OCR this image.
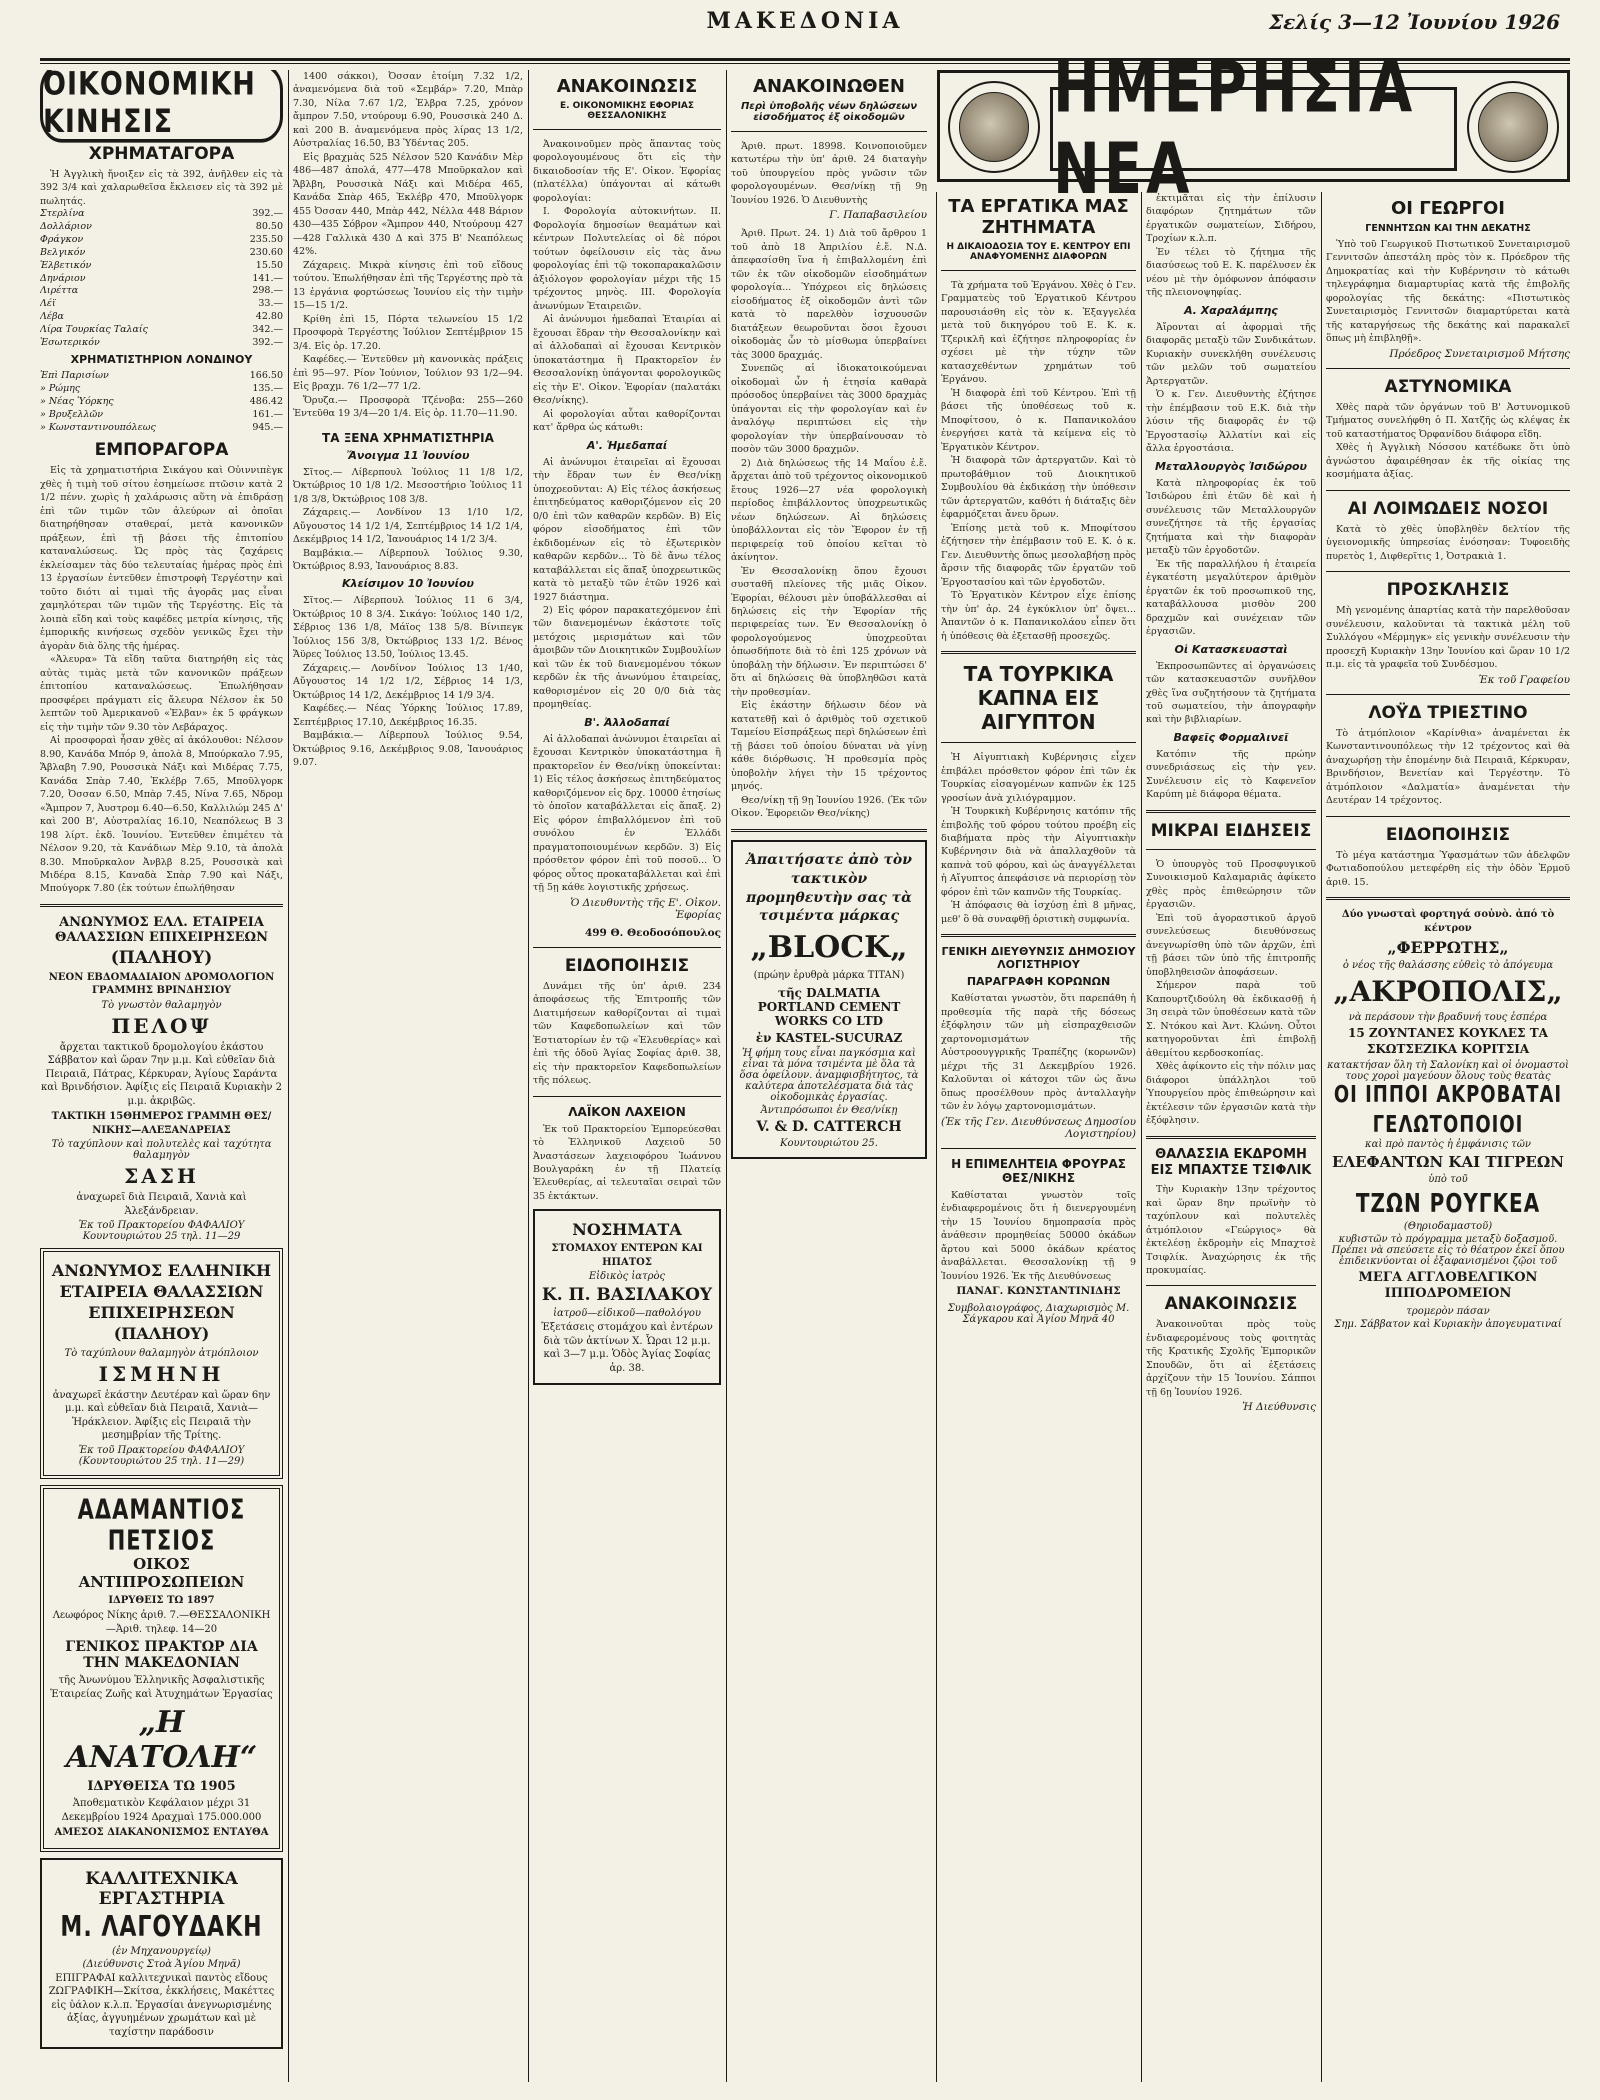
ΜΑΚΕΔΟΝΙΑ	Σελίς 3—12 Ἰουνίου 1926
ΟΙΚΟΝΟΜΙΚΗ ΚΙΝΗΣΙΣ
ΧΡΗΜΑΤΑΓΟΡΑ

Ἡ Ἀγγλικὴ ἤνοιξεν εἰς τὰ 392, ἀνῆλθεν εἰς τὰ 392 3/4 καὶ χαλαρωθεῖσα ἔκλεισεν εἰς τὰ 392 μὲ πωλητάς.

Στερλίνα	392.—
Δολλάριον	80.50
Φράγκον	235.50
Βελγικόν	230.60
Ἑλβετικόν	15.50
Δηνάριον	141.—
Λιρέττα	298.—
Λέϊ	33.—
Λέβα	42.80
Λίρα Τουρκίας Ταλαίς	342.—
Ἐσωτερικόν	392.—
ΧΡΗΜΑΤΙΣΤΗΡΙΟΝ ΛΟΝΔΙΝΟΥ
Ἐπὶ Παρισίων	166.50
» Ρώμης	135.—
» Νέας Ὑόρκης	486.42
» Βρυξελλῶν	161.—
» Κωνσταντινουπόλεως	945.—
ΕΜΠΟΡΑΓΟΡΑ

Εἰς τὰ χρηματιστήρια Σικάγου καὶ Οὐιννιπὲγκ χθὲς ἡ τιμὴ τοῦ σίτου ἐσημείωσε πτῶσιν κατὰ 2 1/2 πένν. χωρὶς ἡ χαλάρωσις αὕτη νὰ ἐπιδράσῃ ἐπὶ τῶν τιμῶν τῶν ἀλεύρων αἱ ὁποῖαι διατηρήθησαν σταθεραί, μετὰ κανονικῶν πράξεων, ἐπὶ τῇ βάσει τῆς ἐπιτοπίου καταναλώσεως. Ὡς πρὸς τὰς ζαχάρεις ἐκλείσαμεν τὰς δύο τελευταίας ἡμέρας πρὸς ἐπὶ 13 ἐργασίων ἐντεῦθεν ἐπιστροφὴ Τεργέστην καὶ τοῦτο διότι αἱ τιμαὶ τῆς ἀγορᾶς μας εἶναι χαμηλότεραι τῶν τιμῶν τῆς Τεργέστης. Εἰς τὰ λοιπὰ εἴδη καὶ τοὺς καφέδες μετρία κίνησις, τῆς ἐμπορικῆς κινήσεως σχεδὸν γενικῶς ἔχει τὴν ἀγορὰν διὰ ὅλης τῆς ἡμέρας.

«Ἀλευρα» Τὰ εἴδη ταῦτα διατηρήθη εἰς τὰς αὐτὰς τιμὰς μετὰ τῶν κανονικῶν πράξεων ἐπιτοπίου καταναλώσεως. Ἐπωλήθησαν προσφέρει πράγματι εἰς ἄλευρα Νέλσον ἐκ 50 λεπτῶν τοῦ Ἀμερικανοῦ «Ἐλβαν» ἐκ 5 φράγκων εἰς τὴν τιμὴν τῶν 9.30 τὸν Λεβάραχος.

Αἱ προσφοραὶ ἦσαν χθὲς αἱ ἀκόλουθοι: Νέλσον 8.90, Κανάδα Μπόρ 9, ἀπολὰ 8, Μπούρκαλο 7.95, Ἄβλαβη 7.90, Ρουσσικὰ Νάξι καὶ Μιδέρας 7.75, Κανάδα Σπὰρ 7.40, Ἐκλέβρ 7.65, Μποῦλγορκ 7.20, Ὀσσαν 6.50, Μπὰρ 7.45, Νίνα 7.65, Νδρομ «Ἄμπρον 7, Ἀυστρομ 6.40—6.50, Καλλιλώμ 245 Δ' καὶ 200 Β', Αὐστραλίας 16.10, Νεαπόλεως Β 3 198 λίρτ. ἐκδ. Ἰουνίου. Ἐντεῦθεν ἐπιμέτευ τὰ Νέλσον 9.20, τὰ Κανάδιων Μὲρ 9.10, τὰ ἀπολὰ 8.30. Μποῦρκαλον Ἀνβλβ 8.25, Ρουσσικὰ καὶ Μιδέρα 8.15, Καναδὰ Σπὰρ 7.90 καὶ Νάξι, Μπούγορκ 7.80 (ἐκ τούτων ἐπωλήθησαν

ΑΝΩΝΥΜΟΣ ΕΛΛ. ΕΤΑΙΡΕΙΑ ΘΑΛΑΣΣΙΩΝ ΕΠΙΧΕΙΡΗΣΕΩΝ
(ΠΑΛΗΟΥ)
ΝΕΟΝ ΕΒΔΟΜΑΔΙΑΙΟΝ ΔΡΟΜΟΛΟΓΙΟΝ ΓΡΑΜΜΗΣ ΒΡΙΝΔΗΣΙΟΥ
Τὸ γνωστὸν θαλαμηγὸν
ΠΕΛΟΨ
ἄρχεται τακτικοῦ δρομολογίου ἑκάστου Σάββατον καὶ ὥραν 7ην μ.μ. Καὶ εὐθεῖαν διὰ Πειραιᾶ, Πάτρας, Κέρκυραν, Ἀγίους Σαράντα καὶ Βρινδήσιον. Ἀφίξις εἰς Πειραιᾶ Κυριακὴν 2 μ.μ. ἀκριβῶς.
ΤΑΚΤΙΚΗ 15ΘΗΜΕΡΟΣ ΓΡΑΜΜΗ ΘΕΣ/ΝΙΚΗΣ—ΑΛΕΞΑΝΔΡΕΙΑΣ
Τὸ ταχύπλουν καὶ πολυτελὲς καὶ ταχύτητα θαλαμηγὸν
ΣΑΣΗ
ἀναχωρεῖ διὰ Πειραιᾶ, Χανιὰ καὶ Ἀλεξάνδρειαν.
Ἐκ τοῦ Πρακτορείου ΦΑΦΑΛΙΟΥ Κουντουριώτου 25 τηλ. 11—29
ΑΝΩΝΥΜΟΣ ΕΛΛΗΝΙΚΗ ΕΤΑΙΡΕΙΑ ΘΑΛΑΣΣΙΩΝ ΕΠΙΧΕΙΡΗΣΕΩΝ (ΠΑΛΗΟΥ)
Τὸ ταχύπλουν θαλαμηγὸν ἀτμόπλοιον
ΙΣΜΗΝΗ
ἀναχωρεῖ ἑκάστην Δευτέραν καὶ ὥραν 6ην μ.μ. καὶ εὐθεῖαν διὰ Πειραιᾶ, Χανιὰ—Ἡράκλειον. Ἀφίξις εἰς Πειραιᾶ τὴν μεσημβρίαν τῆς Τρίτης.
Ἐκ τοῦ Πρακτορείου ΦΑΦΑΛΙΟΥ (Κουντουριώτου 25 τηλ. 11—29)
ΑΔΑΜΑΝΤΙΟΣ ΠΕΤΣΙΟΣ
ΟΙΚΟΣ ΑΝΤΙΠΡΟΣΩΠΕΙΩΝ
ΙΔΡΥΘΕΙΣ ΤΩ 1897
Λεωφόρος Νίκης ἀριθ. 7.—ΘΕΣΣΑΛΟΝΙΚΗ—Ἀριθ. τηλεφ. 14—20
ΓΕΝΙΚΟΣ ΠΡΑΚΤΩΡ ΔΙΑ ΤΗΝ ΜΑΚΕΔΟΝΙΑΝ
τῆς Ἀνωνύμου Ἑλληνικῆς Ἀσφαλιστικῆς Ἑταιρείας Ζωῆς καὶ Ἀτυχημάτων Ἐργασίας
„Η ΑΝΑΤΟΛΗ“
ΙΔΡΥΘΕΙΣΑ ΤΩ 1905
Ἀποθεματικὸν Κεφάλαιον μέχρι 31 Δεκεμβρίου 1924 Δραχμαὶ 175.000.000
ΑΜΕΣΟΣ ΔΙΑΚΑΝΟΝΙΣΜΟΣ ΕΝΤΑΥΘΑ
ΚΑΛΛΙΤΕΧΝΙΚΑ ΕΡΓΑΣΤΗΡΙΑ
Μ. ΛΑΓΟΥΔΑΚΗ
(ἐν Μηχανουργείῳ)
(Διεύθυνσις Στοὰ Ἁγίου Μηνᾶ)
ΕΠΙΓΡΑΦΑΙ καλλιτεχνικαὶ παντὸς εἴδους ΖΩΓΡΑΦΙΚΗ—Σκίτσα, ἐκκλήσεις, Μακέττες εἰς ὑάλον κ.λ.π. Ἐργασίαι ἀνεγνωρισμένης ἀξίας, ἀγγυημένων χρωμάτων καὶ μὲ ταχίστην παράδοσιν

1400 σάκκοι), Ὀσσαν ἑτοίμη 7.32 1/2, ἀναμενόμενα διὰ τοῦ «Σεμβάρ» 7.20, Μπὰρ 7.30, Νίλα 7.67 1/2, Ἐλβρα 7.25, χρόνον ἄμπρον 7.50, ντούρουμ 6.90, Ρουσσικὰ 240 Δ. καὶ 200 Β. ἀναμενόμενα πρὸς λίρας 13 1/2, Αὐστραλίας 16.50, Β3 Ὑδέντας 205.

Εἰς βραχμὰς 525 Νέλσον 520 Κανάδιν Μὲρ 486—487 ἀπολά, 477—478 Μποῦρκαλον καὶ Ἄβλβη, Ρουσσικὰ Νάξι καὶ Μιδέρα 465, Κανάδα Σπὰρ 465, Ἐκλέβρ 470, Μποῦλγορκ 455 Ὀσσαν 440, Μπὰρ 442, Νέλλα 448 Βάριον 430—435 Σόβρον «Ἄμπρον 440, Ντούρουμ 427—428 Γαλλικὰ 430 Δ καὶ 375 Β' Νεαπόλεως 42%.

Ζάχαρεις. Μικρὰ κίνησις ἐπὶ τοῦ εἴδους τούτου. Ἐπωλήθησαν ἐπὶ τῆς Τεργέστης πρὸ τὰ 13 ἐργάνια φορτώσεως Ἰουνίου εἰς τὴν τιμὴν 15—15 1/2.

Κρίθη ἐπὶ 15, Πόρτα τελωνείου 15 1/2 Προσφορὰ Τεργέστης Ἰούλιον Σεπτέμβριον 15 3/4. Εἰς ὀρ. 17.20.

Καφέδες.— Ἐντεῦθεν μὴ κανονικὰς πράξεις ἐπὶ 95—97. Ρίον Ἰούνιον, Ἰούλιον 93 1/2—94. Εἰς βραχμ. 76 1/2—77 1/2.

Ὄρυζα.— Προσφορὰ Τζένοβα: 255—260 Ἐντεῦθα 19 3/4—20 1/4. Εἰς ὀρ. 11.70—11.90.

ΤΑ ΞΕΝΑ ΧΡΗΜΑΤΙΣΤΗΡΙΑ
Ἄνοιγμα 11 Ἰουνίου

Σῖτος.— Λίβερπουλ Ἰούλιος 11 1/8 1/2, Ὀκτώβριος 10 1/8 1/2. Μεσοστήριο Ἰούλιος 11 1/8 3/8, Ὀκτώβριος 108 3/8.

Ζάχαρεις.— Λονδίνον 13 1/10 1/2, Αὔγουστος 14 1/2 1/4, Σεπτέμβριος 14 1/2 1/4, Δεκέμβριος 14 1/2, Ἰανουάριος 14 1/2 3/4.

Βαμβάκια.— Λίβερπουλ Ἰούλιος 9.30, Ὀκτώβριος 8.93, Ἰανουάριος 8.83.

Κλείσιμον 10 Ἰουνίου

Σῖτος.— Λίβερπουλ Ἰούλιος 11 6 3/4, Ὀκτώβριος 10 8 3/4. Σικάγο: Ἰούλιος 140 1/2, Σέβριος 136 1/8, Μάϊος 138 5/8. Βίνιπεγκ Ἰούλιος 156 3/8, Ὀκτώβριος 133 1/2. Βένος Ἄϋρες Ἰούλιος 13.50, Ἰούλιος 13.45.

Ζάχαρεις.— Λονδίνον Ἰούλιος 13 1/40, Αὔγουστος 14 1/2 1/2, Σέβριος 14 1/3, Ὀκτώβριος 14 1/2, Δεκέμβριος 14 1/9 3/4.

Καφέδες.— Νέας Ὑόρκης Ἰούλιος 17.89, Σεπτέμβριος 17.10, Δεκέμβριος 16.35.

Βαμβάκια.— Λίβερπουλ Ἰούλιος 9.54, Ὀκτώβριος 9.16, Δεκέμβριος 9.08, Ἰανουάριος 9.07.

ΑΝΑΚΟΙΝΩΣΙΣ
Ε. ΟΙΚΟΝΟΜΙΚΗΣ ΕΦΟΡΙΑΣ ΘΕΣΣΑΛΟΝΙΚΗΣ

Ἀνακοινοῦμεν πρὸς ἅπαντας τοὺς φορολογουμένους ὅτι εἰς τὴν δικαιοδοσίαν τῆς Ε'. Οἰκον. Ἐφορίας (πλατέλλα) ὑπάγονται αἱ κάτωθι φορολογίαι:

Ι. Φορολογία αὐτοκινήτων. ΙΙ. Φορολογία δημοσίων θεαμάτων καὶ κέντρων Πολυτελείας οἱ δὲ πόροι τούτων ὀφείλουσιν εἰς τὰς ἄνω φορολογίας ἐπὶ τῷ τοκοπαρακαλῶσιν ἀξιόλογον φορολογίαν μέχρι τῆς 15 τρέχοντος μηνὸς. ΙΙΙ. Φορολογία ἀνωνύμων Ἑταιρειῶν.

Αἱ ἀνώνυμοι ἡμεδαπαὶ Ἑταιρίαι αἱ ἔχουσαι ἕδραν τὴν Θεσσαλονίκην καὶ αἱ ἀλλοδαπαὶ αἱ ἔχουσαι Κεντρικὸν ὑποκατάστημα ἢ Πρακτορεῖον ἐν Θεσσαλονίκῃ ὑπάγονται φορολογικῶς εἰς τὴν Ε'. Οἰκον. Ἐφορίαν (παλατάκι Θεσ/νίκης).

Αἱ φορολογίαι αὗται καθορίζονται κατ' ἄρθρα ὡς κάτωθι:

Α'. Ἡμεδαπαί

Αἱ ἀνώνυμοι ἑταιρεῖαι αἱ ἔχουσαι τὴν ἕδραν των ἐν Θεσ/νίκῃ ὑποχρεοῦνται: Α) Εἰς τέλος ἀσκήσεως ἐπιτηδεύματος καθοριζόμενον εἰς 20 0/0 ἐπὶ τῶν καθαρῶν κερδῶν. Β) Εἰς φόρον εἰσοδήματος ἐπὶ τῶν ἐκδιδομένων εἰς τὸ ἐξωτερικὸν καθαρῶν κερδῶν... Τὸ δὲ ἄνω τέλος καταβάλλεται εἰς ἅπαξ ὑποχρεωτικῶς κατὰ τὸ μεταξὺ τῶν ἑτῶν 1926 καὶ 1927 διάστημα.

2) Εἰς φόρον παρακατεχόμενον ἐπὶ τῶν διανεμομένων ἑκάστοτε τοῖς μετόχοις μερισμάτων καὶ τῶν ἀμοιβῶν τῶν Διοικητικῶν Συμβουλίων καὶ τῶν ἐκ τοῦ διανεμομένου τόκων κερδῶν ἐκ τῆς ἀνωνύμου ἑταιρείας, καθορισμένον εἰς 20 0/0 διὰ τὰς προμηθείας.

Β'. Ἀλλοδαπαί

Αἱ ἀλλοδαπαὶ ἀνώνυμοι ἑταιρεῖαι αἱ ἔχουσαι Κεντρικὸν ὑποκατάστημα ἢ πρακτορεῖον ἐν Θεσ/νίκῃ ὑποκείνται: 1) Εἰς τέλος ἀσκήσεως ἐπιτηδεύματος καθοριζόμενον εἰς δρχ. 10000 ἐτησίως τὸ ὁποῖον καταβάλλεται εἰς ἅπαξ. 2) Εἰς φόρον ἐπιβαλλόμενον ἐπὶ τοῦ συνόλου ἐν Ἑλλάδι πραγματοποιουμένων κερδῶν. 3) Εἰς πρόσθετον φόρον ἐπὶ τοῦ ποσοῦ... Ὁ φόρος οὗτος προκαταβάλλεται καὶ ἐπὶ τῇ 5ῃ κάθε λογιστικῆς χρήσεως.

Ὁ Διευθυντὴς τῆς Ε'. Οἰκον. Ἐφορίας
499 Θ. Θεοδοσόπουλος
ΕΙΔΟΠΟΙΗΣΙΣ

Δυνάμει τῆς ὑπ' ἀριθ. 234 ἀποφάσεως τῆς Ἐπιτροπῆς τῶν Διατιμήσεων καθορίζονται αἱ τιμαὶ τῶν Καφεδοπωλείων καὶ τῶν Ἐστιατορίων ἐν τῷ «Ἐλευθερίας» καὶ ἐπὶ τῆς ὁδοῦ Ἁγίας Σοφίας ἀριθ. 38, εἰς τὴν πρακτορεῖον Καφεδοπωλείων τῆς πόλεως.

ΛΑΪΚΟΝ ΛΑΧΕΙΟΝ

Ἐκ τοῦ Πρακτορείου Ἑμπορεύεσθαι τὸ Ἑλληνικοῦ Λαχειοῦ 50 Ἀναστάσεων λαχειοφόρου Ἰωάννου Βουλγαράκη ἐν τῇ Πλατείᾳ Ἐλευθερίας, αἱ τελευταῖαι σειραὶ τῶν 35 ἐκτάκτων.

ΝΟΣΗΜΑΤΑ
ΣΤΟΜΑΧΟΥ ΕΝΤΕΡΩΝ ΚΑΙ ΗΠΑΤΟΣ
Εἰδικὸς ἰατρὸς
Κ. Π. ΒΑΣΙΛΑΚΟΥ
ἰατροῦ—εἰδικοῦ—παθολόγου
Ἐξετάσεις στομάχου καὶ ἐντέρων διὰ τῶν ἀκτίνων Χ. Ὧραι 12 μ.μ. καὶ 3—7 μ.μ. Ὁδὸς Ἁγίας Σοφίας ἀρ. 38.
ΗΜΕΡΗΣΙΑ ΝΕΑ
ΑΝΑΚΟΙΝΩΘΕΝ
Περὶ ὑποβολῆς νέων δηλώσεων εἰσοδήματος ἐξ οἰκοδομῶν

Ἀριθ. πρωτ. 18998. Κοινοποιοῦμεν κατωτέρω τὴν ὑπ' ἀριθ. 24 διαταγὴν τοῦ ὑπουργείου πρὸς γνῶσιν τῶν φορολογουμένων. Θεσ/νίκῃ τῇ 9ῃ Ἰουνίου 1926. Ὁ Διευθυντὴς

Γ. Παπαβασιλείου

Ἀριθ. Πρωτ. 24. 1) Διὰ τοῦ ἄρθρου 1 τοῦ ἀπὸ 18 Ἀπριλίου ἐ.ἔ. Ν.Δ. ἀπεφασίσθη ἵνα ἡ ἐπιβαλλομένη ἐπὶ τῶν ἐκ τῶν οἰκοδομῶν εἰσοδημάτων φορολογία... Ὑπόχρεοι εἰς δηλώσεις εἰσοδήματος ἐξ οἰκοδομῶν ἀντὶ τῶν κατὰ τὸ παρελθὸν ἰσχυουσῶν διατάξεων θεωροῦνται ὅσοι ἔχουσι οἰκοδομὰς ὧν τὸ μίσθωμα ὑπερβαίνει τὰς 3000 δραχμάς.

Συνεπῶς αἱ ἰδιοκατοικούμεναι οἰκοδομαὶ ὧν ἡ ἐτησία καθαρὰ πρόσοδος ὑπερβαίνει τὰς 3000 δραχμὰς ὑπάγονται εἰς τὴν φορολογίαν καὶ ἐν ἀναλόγῳ περιπτώσει εἰς τὴν φορολογίαν τὴν ὑπερβαίνουσαν τὸ ποσὸν τῶν 3000 δραχμῶν.

2) Διὰ δηλώσεως τῆς 14 Μαΐου ἐ.ἔ. ἄρχεται ἀπὸ τοῦ τρέχοντος οἰκονομικοῦ ἔτους 1926—27 νέα φορολογικὴ περίοδος ἐπιβάλλοντος ὑποχρεωτικῶς νέων δηλώσεων. Αἱ δηλώσεις ὑποβάλλονται εἰς τὸν Ἔφορον ἐν τῇ περιφερείᾳ τοῦ ὁποίου κεῖται τὸ ἀκίνητον.

Ἐν Θεσσαλονίκῃ ὅπου ἔχουσι συσταθῆ πλείονες τῆς μιᾶς Οἰκον. Ἐφορίαι, θέλουσι μὲν ὑποβάλλεσθαι αἱ δηλώσεις εἰς τὴν Ἐφορίαν τῆς περιφερείας των. Ἐν Θεσσαλονίκῃ ὁ φορολογούμενος ὑποχρεοῦται ὁπωσδήποτε διὰ τὸ ἐπὶ 125 χρόνων νὰ ὑποβάλῃ τὴν δήλωσιν. Ἐν περιπτώσει δ' ὅτι αἱ δηλώσεις θὰ ὑποβληθῶσι κατὰ τὴν προθεσμίαν.

Εἰς ἑκάστην δήλωσιν δέον νὰ κατατεθῇ καὶ ὁ ἀριθμὸς τοῦ σχετικοῦ Ταμείου Εἰσπράξεως περὶ δηλώσεων ἐπὶ τῇ βάσει τοῦ ὁποίου δύναται νὰ γίνῃ κάθε διόρθωσις. Ἡ προθεσμία πρὸς ὑποβολὴν λήγει τὴν 15 τρέχοντος μηνός.

Θεσ/νίκῃ τῇ 9ῃ Ἰουνίου 1926. (Ἐκ τῶν Οἰκον. Ἐφορειῶν Θεσ/νίκης)

Ἀπαιτήσατε ἀπὸ τὸν τακτικὸν προμηθευτὴν σας τὰ τσιμέντα μάρκας
„BLOCK„
(πρώην ἐρυθρὰ μάρκα TITAN)
τῆς DALMATIA PORTLAND CEMENT WORKS CO LTD
ἐν KASTEL-SUCURAZ
Ἡ φήμη τους εἶναι παγκόσμια καὶ εἶναι τὰ μόνα τσιμέντα μὲ ὅλα τὰ ὅσα ὀφείλουν. ἀναμφισβήτητος, τὰ καλύτερα ἀποτελέσματα διὰ τὰς οἰκοδομικὰς ἐργασίας.
Ἀντιπρόσωποι ἐν Θεσ/νίκῃ
V. & D. CATTERCH
Κουντουριώτου 25.
ΤΑ ΕΡΓΑΤΙΚΑ ΜΑΣ ΖΗΤΗΜΑΤΑ
Η ΔΙΚΑΙΟΔΟΣΙΑ ΤΟΥ Ε. ΚΕΝΤΡΟΥ ΕΠΙ ΑΝΑΦΥΟΜΕΝΗΣ ΔΙΑΦΟΡΩΝ

Τὰ χρήματα τοῦ Ἐργάνου. Χθὲς ὁ Γεν. Γραμματεὺς τοῦ Ἐργατικοῦ Κέντρου παρουσιάσθη εἰς τὸν κ. Ἐξαγγελέα μετὰ τοῦ δικηγόρου τοῦ Ε. Κ. κ. Τζερικλῆ καὶ ἐζήτησε πληροφορίας ἐν σχέσει μὲ τὴν τύχην τῶν κατασχεθέντων χρημάτων τοῦ Ἐργάνου.

Ἡ διαφορὰ ἐπὶ τοῦ Κέντρου. Ἐπὶ τῇ βάσει τῆς ὑποθέσεως τοῦ κ. Μποφίτσου, ὁ κ. Παπανικολάου ἐνεργήσει κατὰ τὰ κείμενα εἰς τὸ Ἐργατικὸν Κέντρον.

Ἡ διαφορὰ τῶν ἀρτεργατῶν. Καὶ τὸ πρωτοβάθμιον τοῦ Διοικητικοῦ Συμβουλίου θὰ ἐκδικάσῃ τὴν ὑπόθεσιν τῶν ἀρτεργατῶν, καθότι ἡ διάταξις δὲν ἐφαρμόζεται ἄνευ ὅρων.

Ἐπίσης μετὰ τοῦ κ. Μποφίτσου ἐζήτησεν τὴν ἐπέμβασιν τοῦ Ε. Κ. ὁ κ. Γεν. Διευθυντὴς ὅπως μεσολαβήσῃ πρὸς ἄρσιν τῆς διαφορᾶς τῶν ἐργατῶν τοῦ Ἐργοστασίου καὶ τῶν ἐργοδοτῶν.

Τὸ Ἐργατικὸν Κέντρον εἶχε ἐπίσης τὴν ὑπ' ἀρ. 24 ἐγκύκλιον ὑπ' ὄψει... Ἀπαντῶν ὁ κ. Παπανικολάου εἶπεν ὅτι ἡ ὑπόθεσις θὰ ἐξετασθῇ προσεχῶς.

ΤΑ ΤΟΥΡΚΙΚΑ ΚΑΠΝΑ ΕΙΣ ΑΙΓΥΠΤΟΝ

Ἡ Αἰγυπτιακὴ Κυβέρνησις εἶχεν ἐπιβάλει πρόσθετον φόρον ἐπὶ τῶν ἐκ Τουρκίας εἰσαγομένων καπνῶν ἐκ 125 γροσίων ἀνὰ χιλιόγραμμον.

Ἡ Τουρκικὴ Κυβέρνησις κατόπιν τῆς ἐπιβολῆς τοῦ φόρου τούτου προέβη εἰς διαβήματα πρὸς τὴν Αἰγυπτιακὴν Κυβέρνησιν διὰ νὰ ἀπαλλαχθοῦν τὰ καπνὰ τοῦ φόρου, καὶ ὡς ἀναγγέλλεται ἡ Αἴγυπτος ἀπεφάσισε νὰ περιορίσῃ τὸν φόρον ἐπὶ τῶν καπνῶν τῆς Τουρκίας.

Ἡ ἀπόφασις θὰ ἰσχύσῃ ἐπὶ 8 μῆνας, μεθ' ὃ θὰ συναφθῇ ὁριστικὴ συμφωνία.

ΓΕΝΙΚΗ ΔΙΕΥΘΥΝΣΙΣ ΔΗΜΟΣΙΟΥ ΛΟΓΙΣΤΗΡΙΟΥ
ΠΑΡΑΓΡΑΦΗ ΚΟΡΩΝΩΝ

Καθίσταται γνωστὸν, ὅτι παρεπάθη ἡ προθεσμία τῆς παρὰ τῆς δόσεως ἐξόφλησιν τῶν μὴ εἰσπραχθεισῶν χαρτονομισμάτων τῆς Αὐστροουγγρικῆς Τραπέζης (κορωνῶν) μέχρι τῆς 31 Δεκεμβρίου 1926. Καλοῦνται οἱ κάτοχοι τῶν ὡς ἄνω ὅπως προσέλθουν πρὸς ἀνταλλαγὴν τῶν ἐν λόγῳ χαρτονομισμάτων.

(Ἐκ τῆς Γεν. Διευθύνσεως Δημοσίου Λογιστηρίου)
Η ΕΠΙΜΕΛΗΤΕΙΑ ΦΡΟΥΡΑΣ ΘΕΣ/ΝΙΚΗΣ

Καθίσταται γνωστὸν τοῖς ἐνδιαφερομένοις ὅτι ἡ διενεργουμένη τὴν 15 Ἰουνίου δημοπρασία πρὸς ἀνάθεσιν προμηθείας 50000 ὀκάδων ἄρτου καὶ 5000 ὀκάδων κρέατος ἀναβάλλεται. Θεσσαλονίκῃ τῇ 9 Ἰουνίου 1926. Ἐκ τῆς Διευθύνσεως

ΠΑΝΑΓ. ΚΩΝΣΤΑΝΤΙΝΙΔΗΣ
Συμβολαιογράφος, Διαχωρισμὸς Μ. Σάγκαρου καὶ Ἁγίου Μηνᾶ 40

ἐκτιμᾶται εἰς τὴν ἐπίλυσιν διαφόρων ζητημάτων τῶν ἐργατικῶν σωματείων, Σιδήρου, Τροχίων κ.λ.π.

Ἐν τέλει τὸ ζήτημα τῆς διασύσεως τοῦ Ε. Κ. παρέλυσεν ἐκ νέου μὲ τὴν ὁμόφωνον ἀπόφασιν τῆς πλειονοψηφίας.

Α. Χαραλάμπης

Ἀἴρονται αἱ ἀφορμαὶ τῆς διαφορᾶς μεταξὺ τῶν Συνδικάτων. Κυριακὴν συνεκλήθη συνέλευσις τῶν μελῶν τοῦ σωματείου Ἀρτεργατῶν.

Ὁ κ. Γεν. Διευθυντὴς ἐζήτησε τὴν ἐπέμβασιν τοῦ Ε.Κ. διὰ τὴν λύσιν τῆς διαφορᾶς ἐν τῷ Ἐργοστασίῳ Ἀλλατίνι καὶ εἰς ἄλλα ἐργοστάσια.

Μεταλλουργὸς Ἰσιδώρου

Κατὰ πληροφορίας ἐκ τοῦ Ἰσιδώρου ἐπὶ ἐτῶν δὲ καὶ ἡ συνέλευσις τῶν Μεταλλουργῶν συνεζήτησε τὰ τῆς ἐργασίας ζητήματα καὶ τὴν διαφορὰν μεταξὺ τῶν ἐργοδοτῶν.

Ἐκ τῆς παραλλήλου ἡ ἑταιρεία ἐγκατέστη μεγαλύτερον ἀριθμὸν ἐργατῶν ἐκ τοῦ προσωπικοῦ της, καταβάλλουσα μισθὸν 200 δραχμῶν καὶ συνέχειαν τῶν ἐργασιῶν.

Οἱ Κατασκευασταὶ

Ἐκπροσωπῶντες αἱ ὀργανώσεις τῶν κατασκευαστῶν συνῆλθον χθὲς ἵνα συζητήσουν τὰ ζητήματα τοῦ σωματείου, τὴν ἀπογραφὴν καὶ τὴν βιβλιαρίων.

Βαφεῖς Φορμαλινεῖ

Κατόπιν τῆς πρώην συνεδριάσεως εἰς τὴν γεν. Συνέλευσιν εἰς τὸ Καφενεῖον Καρύπη μὲ διάφορα θέματα.

ΜΙΚΡΑΙ ΕΙΔΗΣΕΙΣ

Ὁ ὑπουργὸς τοῦ Προσφυγικοῦ Συνοικισμοῦ Καλαμαριᾶς ἀφίκετο χθὲς πρὸς ἐπιθεώρησιν τῶν ἐργασιῶν.

Ἐπὶ τοῦ ἀγοραστικοῦ ἀργοῦ συνελεύσεως διευθύνσεως ἀνεγνωρίσθη ὑπὸ τῶν ἀρχῶν, ἐπὶ τῇ βάσει τῶν ὑπὸ τῆς ἐπιτροπῆς ὑποβληθεισῶν ἀποφάσεων.

Σήμερον παρὰ τοῦ Καπουρτζιδούλη θὰ ἐκδικασθῇ ἡ 3η σειρὰ τῶν ὑποθέσεων κατὰ τῶν Σ. Ντόκου καὶ Ἀντ. Κλώνη. Οὗτοι κατηγοροῦνται ἐπὶ ἐπιβολῇ ἀθεμίτου κερδοσκοπίας.

Χθὲς ἀφίκοντο εἰς τὴν πόλιν μας διάφοροι ὑπάλληλοι τοῦ Ὑπουργείου πρὸς ἐπιθεώρησιν καὶ ἐκτέλεσιν τῶν ἐργασιῶν κατὰ τὴν ἐξόφλησιν.

ΘΑΛΑΣΣΙΑ ΕΚΔΡΟΜΗ ΕΙΣ ΜΠΑΧΤΣΕ ΤΣΙΦΛΙΚ

Τὴν Κυριακὴν 13ην τρέχοντος καὶ ὥραν 8ην πρωϊνὴν τὸ ταχύπλουν καὶ πολυτελὲς ἀτμόπλοιον «Γεώργιος» θὰ ἐκτελέσῃ ἐκδρομὴν εἰς Μπαχτσὲ Τσιφλίκ. Ἀναχώρησις ἐκ τῆς προκυμαίας.

ΑΝΑΚΟΙΝΩΣΙΣ

Ἀνακοινοῦται πρὸς τοὺς ἐνδιαφερομένους τοὺς φοιτητὰς τῆς Κρατικῆς Σχολῆς Ἐμπορικῶν Σπουδῶν, ὅτι αἱ ἐξετάσεις ἀρχίζουν τὴν 15 Ἰουνίου. Σάπποι τῇ 6ῃ Ἰουνίου 1926.

Ἡ Διεύθυνσις
ΟΙ ΓΕΩΡΓΟΙ
ΓΕΝΝΗΤΣΩΝ ΚΑΙ ΤΗΝ ΔΕΚΑΤΗΣ

Ὑπὸ τοῦ Γεωργικοῦ Πιστωτικοῦ Συνεταιρισμοῦ Γεννιτσῶν ἀπεστάλη πρὸς τὸν κ. Πρόεδρον τῆς Δημοκρατίας καὶ τὴν Κυβέρνησιν τὸ κάτωθι τηλεγράφημα διαμαρτυρίας κατὰ τῆς ἐπιβολῆς φορολογίας τῆς δεκάτης: «Πιστωτικὸς Συνεταιρισμὸς Γεννιτσῶν διαμαρτύρεται κατὰ τῆς καταργήσεως τῆς δεκάτης καὶ παρακαλεῖ ὅπως μὴ ἐπιβληθῇ».

Πρόεδρος Συνεταιρισμοῦ Μήτσης
ΑΣΤΥΝΟΜΙΚΑ

Χθὲς παρὰ τῶν ὀργάνων τοῦ Β' Ἀστυνομικοῦ Τμήματος συνελήφθη ὁ Π. Χατζῆς ὡς κλέψας ἐκ τοῦ καταστήματος Ὀρφανίδου διάφορα εἴδη.

Χθὲς ἡ Ἀγγλικὴ Νόσσου κατέδωκε ὅτι ὑπὸ ἀγνώστου ἀφαιρέθησαν ἐκ τῆς οἰκίας της κοσμήματα ἀξίας.

ΑΙ ΛΟΙΜΩΔΕΙΣ ΝΟΣΟΙ

Κατὰ τὸ χθὲς ὑποβληθὲν δελτίον τῆς ὑγειονομικῆς ὑπηρεσίας ἐνόσησαν: Τυφοειδὴς πυρετὸς 1, Διφθερῖτις 1, Ὀστρακιὰ 1.

ΠΡΟΣΚΛΗΣΙΣ

Μὴ γενομένης ἀπαρτίας κατὰ τὴν παρελθοῦσαν συνέλευσιν, καλοῦνται τὰ τακτικὰ μέλη τοῦ Συλλόγου «Μέρμηγκ» εἰς γενικὴν συνέλευσιν τὴν προσεχῆ Κυριακὴν 13ην Ἰουνίου καὶ ὥραν 10 1/2 π.μ. εἰς τὰ γραφεῖα τοῦ Συνδέσμου.

Ἐκ τοῦ Γραφείου
ΛΟΫΔ ΤΡΙΕΣΤΙΝΟ

Τὸ ἀτμόπλοιον «Καρίνθια» ἀναμένεται ἐκ Κωνσταντινουπόλεως τὴν 12 τρέχοντος καὶ θὰ ἀναχωρήσῃ τὴν ἑπομένην διὰ Πειραιᾶ, Κέρκυραν, Βρινδήσιον, Βενετίαν καὶ Τεργέστην. Τὸ ἀτμόπλοιον «Δαλματία» ἀναμένεται τὴν Δευτέραν 14 τρέχοντος.

ΕΙΔΟΠΟΙΗΣΙΣ

Τὸ μέγα κατάστημα Ὑφασμάτων τῶν ἀδελφῶν Φωτιαδοπούλου μετεφέρθη εἰς τὴν ὁδὸν Ἑρμοῦ ἀριθ. 15.

Δύο γνωσταὶ φορτηγά σοὐνὸ. ἀπό τὸ κέντρον
„ΦΕΡΡΩΤΗΣ„
ὁ νέος τῆς θαλάσσης εὐθεὶς τὸ ἀπόγευμα
„ΑΚΡΟΠΟΛΙΣ„
νὰ περάσουν τὴν βραδυνή τους ἐσπέρα
15 ΖΟΥΝΤΑΝΕΣ ΚΟΥΚΛΕΣ ΤΑ ΣΚΩΤΣΕΖΙΚΑ ΚΟΡΙΤΣΙΑ
κατακτήσαν ὅλη τὴ Σαλονίκη καὶ οἱ ὀνομαστοὶ τους χοροὶ μαγεύουν ὅλους τοὺς θεατὰς
ΟΙ ΙΠΠΟΙ ΑΚΡΟΒΑΤΑΙ ΓΕΛΩΤΟΠΟΙΟΙ
καὶ πρὸ παντὸς ἡ ἐμφάνισις τῶν
ΕΛΕΦΑΝΤΩΝ ΚΑΙ ΤΙΓΡΕΩΝ
ὑπὸ τοῦ
ΤΖΩΝ ΡΟΥΓΚΕΑ
(Θηριοδαμαστοῦ)
κυβιστῶν τὸ πρόγραμμα μεταξὺ δοξασμοῦ. Πρέπει νὰ σπεύσετε εἰς τὸ θέατρον ἐκεῖ ὅπου ἐπιδεικνύονται οἱ ἐξαφανισμένοι ζῷοι τοῦ
ΜΕΓΑ ΑΓΓΛΟΒΕΛΓΙΚΟΝ ΙΠΠΟΔΡΟΜΕΙΟΝ
τρομερὸν πάσαν
Σημ. Σάββατον καὶ Κυριακὴν ἀπογευματιναί
